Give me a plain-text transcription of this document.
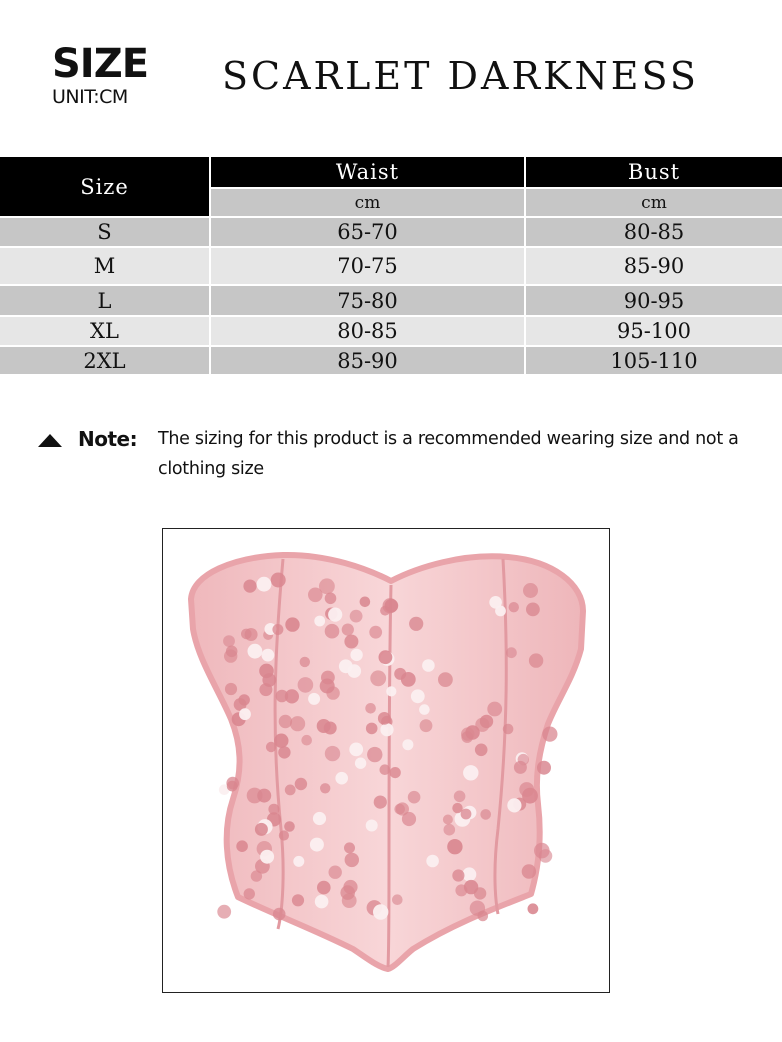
SIZE
UNIT:CM	SCARLET DARKNESS
Size
Waist	Bust
cm	cm
S	65-70	80-85
M	70-75	85-90
L	75-80	90-95
XL	80-85	95-100
2XL	85-90	105-110
Note: The sizing for this product is a recommended wearing size and not a clothing size
